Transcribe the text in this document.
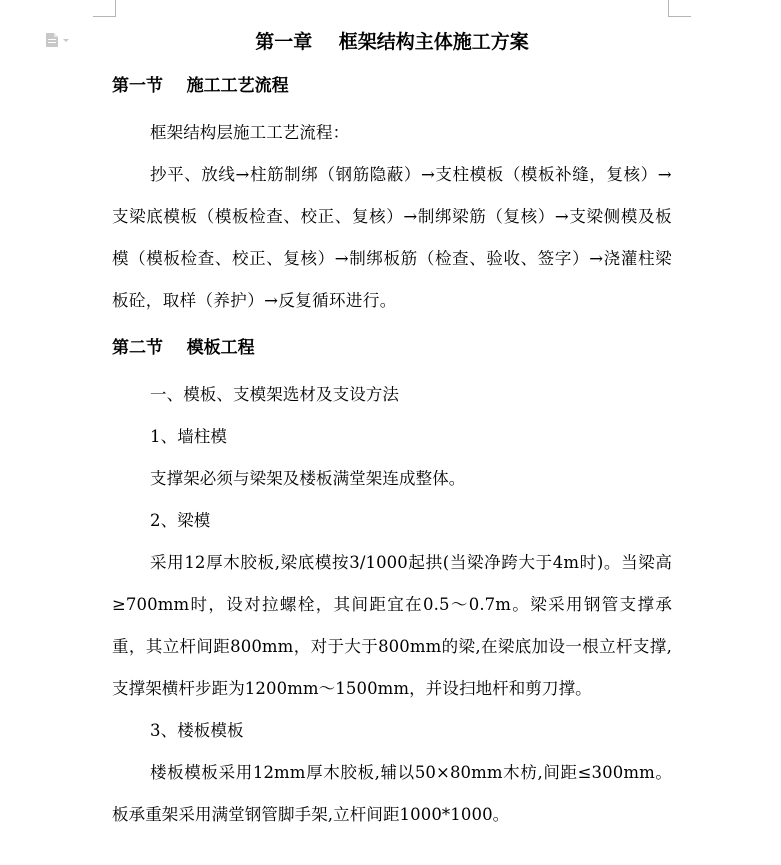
第一章    框架结构主体施工方案
第一节    施工工艺流程

框架结构层施工工艺流程：

抄平、放线→柱筋制绑（钢筋隐蔽）→支柱模板（模板补缝，复核）→支梁底模板（模板检查、校正、复核）→制绑梁筋（复核）→支梁侧模及板模（模板检查、校正、复核）→制绑板筋（检查、验收、签字）→浇灌柱梁板砼，取样（养护）→反复循环进行。

第二节    模板工程

一、模板、支模架选材及支设方法

1、墙柱模

支撑架必须与梁架及楼板满堂架连成整体。

2、梁模

采用12厚木胶板,梁底模按3/1000起拱(当梁净跨大于4m时)。当梁高≥700mm时，设对拉螺栓，其间距宜在0.5～0.7m。梁采用钢管支撑承重，其立杆间距800mm，对于大于800mm的梁,在梁底加设一根立杆支撑,支撑架横杆步距为1200mm～1500mm，并设扫地杆和剪刀撑。

3、楼板模板

楼板模板采用12mm厚木胶板,辅以50×80mm木枋,间距≤300mm。板承重架采用满堂钢管脚手架,立杆间距1000*1000。
